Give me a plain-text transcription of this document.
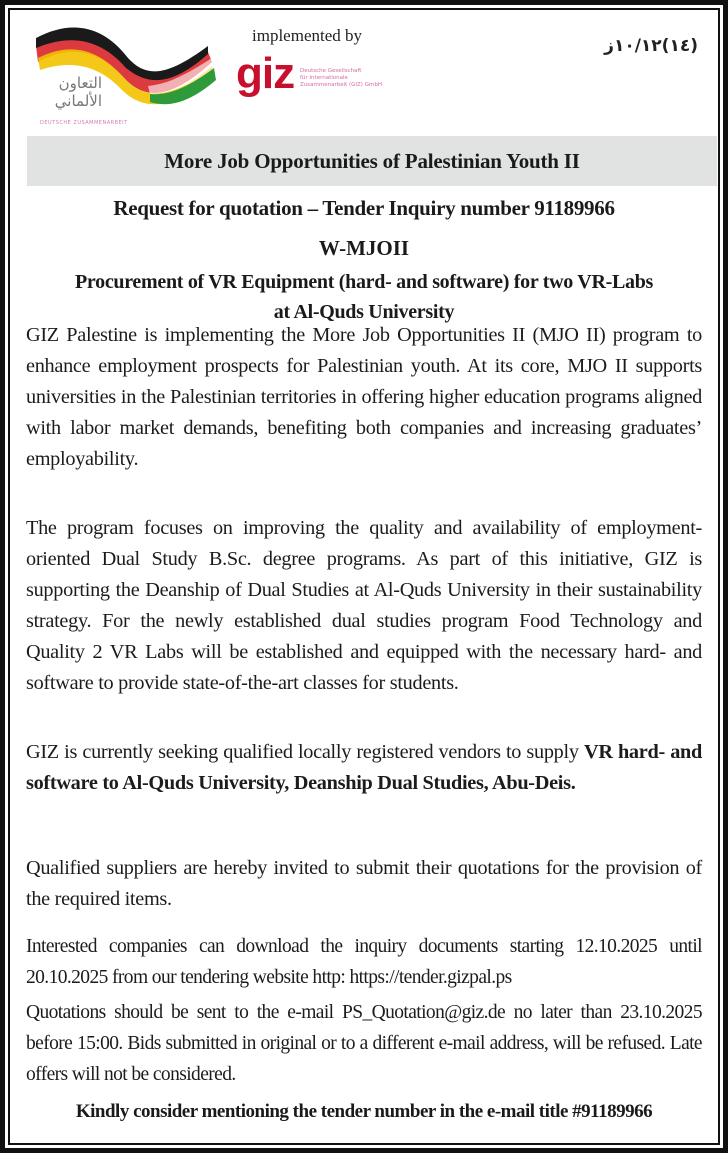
التعاون الألماني
DEUTSCHE ZUSAMMENARBEIT
implemented by
giz Deutsche Gesellschaft
für Internationale
Zusammenarbeit (GIZ) GmbH
(١٤)١٠/١٢ز
More Job Opportunities of Palestinian Youth II
Request for quotation – Tender Inquiry number 91189966
W-MJOII
Procurement of VR Equipment (hard- and software) for two VR-Labs
at Al-Quds University
GIZ Palestine is implementing the More Job Opportunities II (MJO II) program to enhance employment prospects for Palestinian youth. At its core, MJO II supports universities in the Palestinian territories in offering higher education programs aligned with labor market demands, benefiting both companies and increasing graduates’ employability.
The program focuses on improving the quality and availability of employment-oriented Dual Study B.Sc. degree programs. As part of this initiative, GIZ is supporting the Deanship of Dual Studies at Al-Quds University in their sustainability strategy. For the newly established dual studies program Food Technology and Quality 2 VR Labs will be established and equipped with the necessary hard- and software to provide state-of-the-art classes for students.
GIZ is currently seeking qualified locally registered vendors to supply VR hard- and software to Al-Quds University, Deanship Dual Studies, Abu-Deis.
Qualified suppliers are hereby invited to submit their quotations for the provision of the required items.
Interested companies can download the inquiry documents starting 12.10.2025 until 20.10.2025 from our tendering website http: https://tender.gizpal.ps
Quotations should be sent to the e-mail PS_Quotation@giz.de no later than 23.10.2025 before 15:00. Bids submitted in original or to a different e-mail address, will be refused. Late offers will not be considered.
Kindly consider mentioning the tender number in the e-mail title #91189966
